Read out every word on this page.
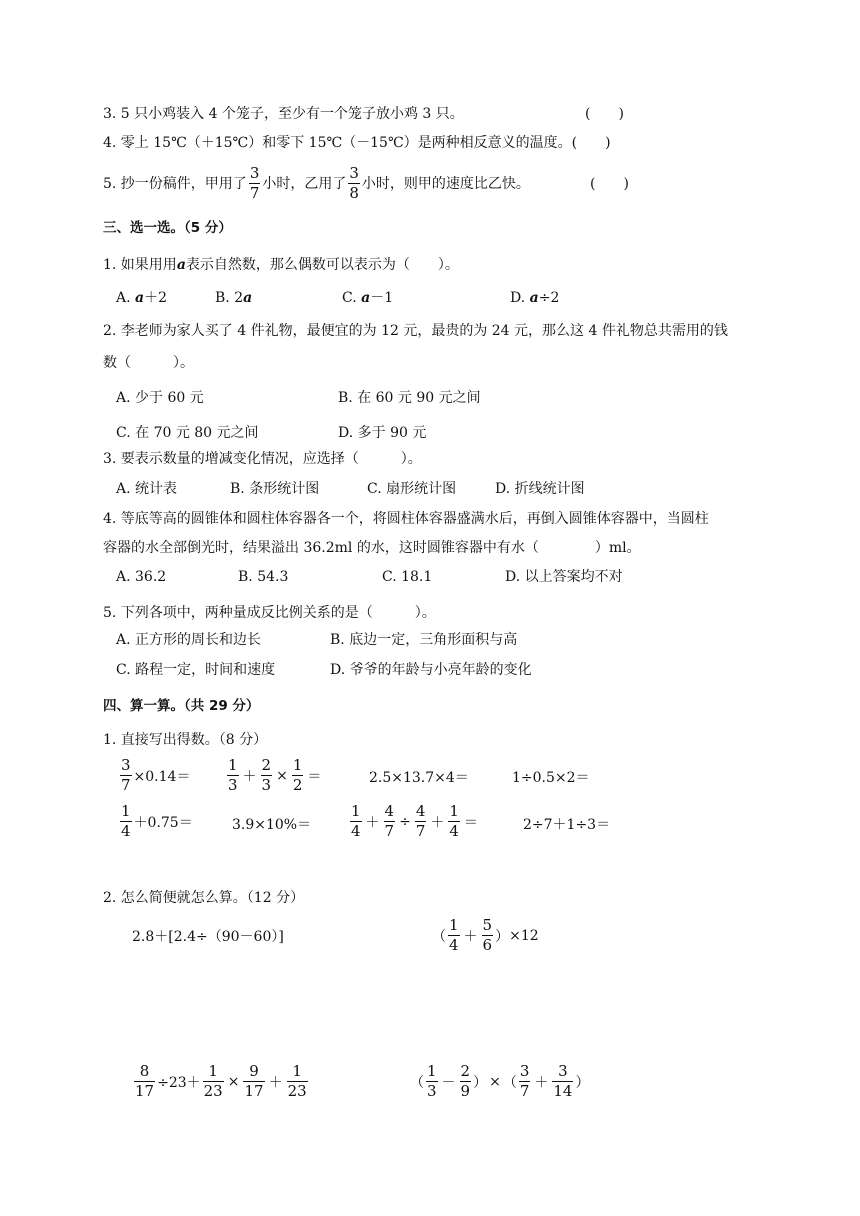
3. 5 只小鸡装入 4 个笼子，至少有一个笼子放小鸡 3 只。	(　　)
4. 零上 15℃（＋15℃）和零下 15℃（－15℃）是两种相反意义的温度。(　　)
5. 抄一份稿件，甲用了
3
7
小时，乙用了
3
8
小时，则甲的速度比乙快。	(　　)
三、选一选。（5 分）
1. 如果用用a表示自然数，那么偶数可以表示为（　　）。
A. a＋2	B. 2a	C. a－1	D. a÷2
2. 李老师为家人买了 4 件礼物，最便宜的为 12 元，最贵的为 24 元，那么这 4 件礼物总共需用的钱
数（　　　）。
A. 少于 60 元	B. 在 60 元 90 元之间
C. 在 70 元 80 元之间	D. 多于 90 元
3. 要表示数量的增减变化情况，应选择（　　　）。
A. 统计表	B. 条形统计图	C. 扇形统计图	D. 折线统计图
4. 等底等高的圆锥体和圆柱体容器各一个，将圆柱体容器盛满水后，再倒入圆锥体容器中，当圆柱
容器的水全部倒光时，结果溢出 36.2ml 的水，这时圆锥容器中有水（　　　　）ml。
A. 36.2	B. 54.3	C. 18.1	D. 以上答案均不对
5. 下列各项中，两种量成反比例关系的是（　　　）。
A. 正方形的周长和边长	B. 底边一定，三角形面积与高
C. 路程一定，时间和速度	D. 爷爷的年龄与小亮年龄的变化
四、算一算。（共 29 分）
1. 直接写出得数。（8 分）
$\frac{3}{7} \times 0.14=$
1
$3 + \frac{2}{3} \times \frac{1}{2}$ ＝	2.5×13.7×4＝	1÷0.5×2＝
1
4 ＋0.75＝	3.9×10%＝
1
$4 + \frac{4}{7} \div \frac{4}{7}$ ＋
1
4 ＝	2÷7＋1÷3＝
2. 怎么简便就怎么算。（12 分）
2.8＋[2.4÷（90－60）]	（
1
4 ＋
5
6 ） ×12
$\frac{8}{17} \div 23+ \frac{1}{23} \times \frac{9}{17}$ ＋
1
23	（
1
3 －
2
9 ） × （
3
7 ＋
3
14 ）
